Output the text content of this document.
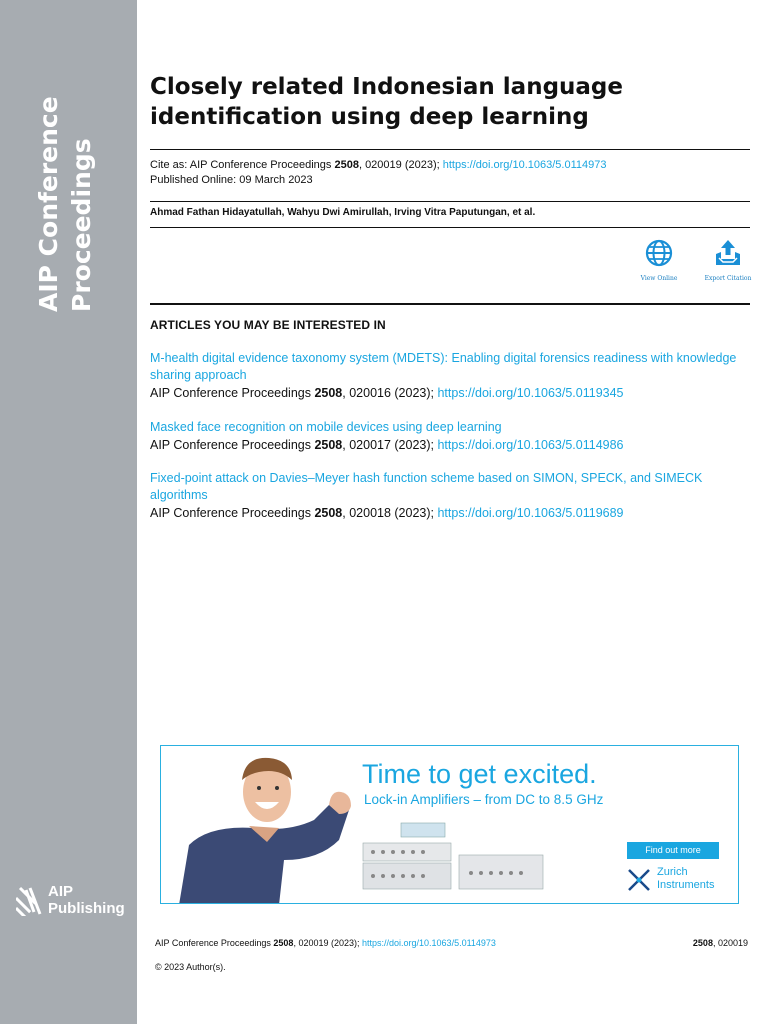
AIP Conference Proceedings
AIP
Publishing
Closely related Indonesian language identification using deep learning
Cite as: AIP Conference Proceedings 2508, 020019 (2023); https://doi.org/10.1063/5.0114973
Published Online: 09 March 2023
Ahmad Fathan Hidayatullah, Wahyu Dwi Amirullah, Irving Vitra Paputungan, et al.
View Online	Export Citation
ARTICLES YOU MAY BE INTERESTED IN
M-health digital evidence taxonomy system (MDETS): Enabling digital forensics readiness with knowledge sharing approach
AIP Conference Proceedings 2508, 020016 (2023); https://doi.org/10.1063/5.0119345
Masked face recognition on mobile devices using deep learning
AIP Conference Proceedings 2508, 020017 (2023); https://doi.org/10.1063/5.0114986
Fixed-point attack on Davies–Meyer hash function scheme based on SIMON, SPECK, and SIMECK algorithms
AIP Conference Proceedings 2508, 020018 (2023); https://doi.org/10.1063/5.0119689
Time to get excited.
Lock-in Amplifiers – from DC to 8.5 GHz
Find out more
Zurich
Instruments
AIP Conference Proceedings 2508, 020019 (2023); https://doi.org/10.1063/5.0114973	2508, 020019
© 2023 Author(s).
